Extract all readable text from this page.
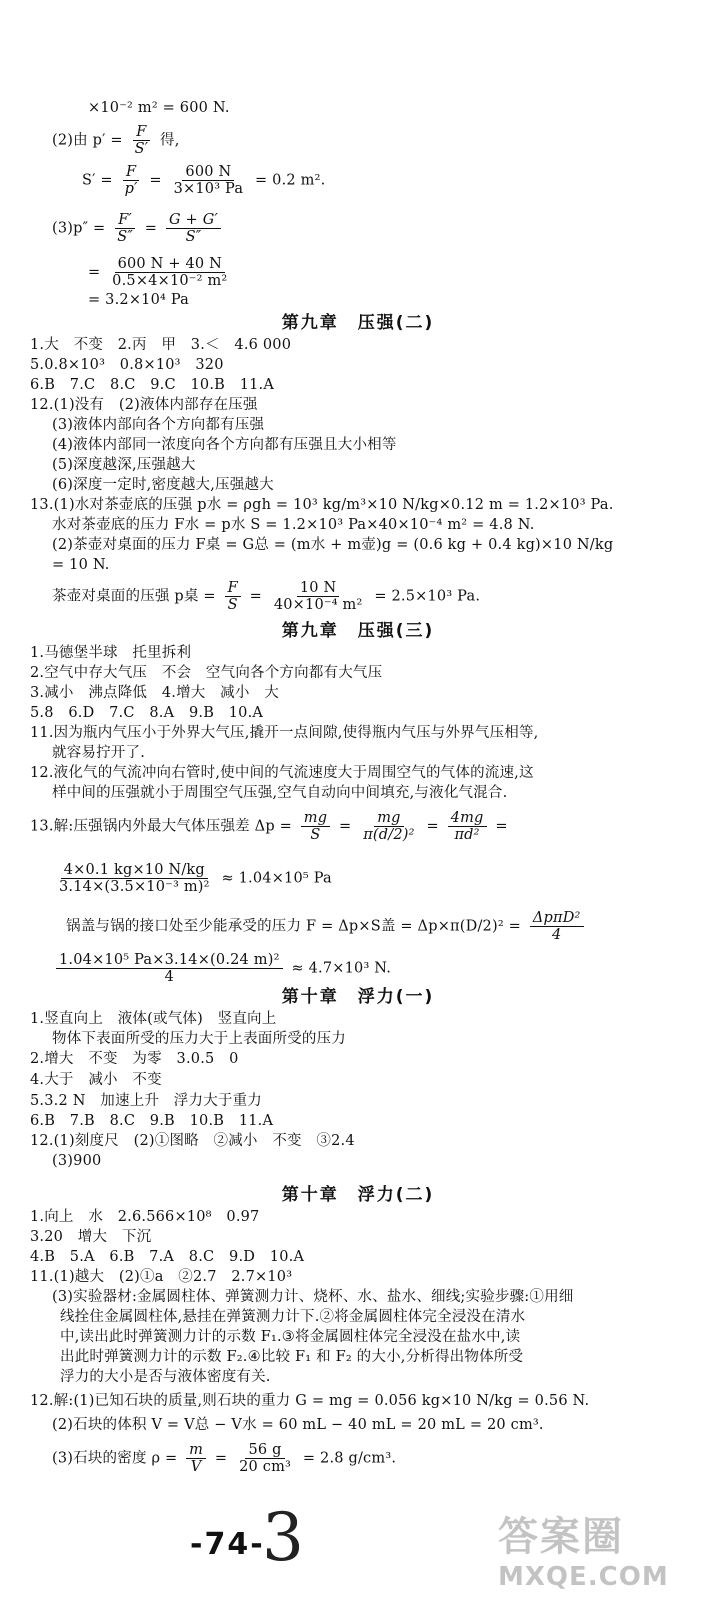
×10⁻² m² = 600 N.
(2)由 $p' = \frac{F}{S'}$ 得,
$S' = \frac{F}{p'} = \frac{600 N}{\text{3×10³ Pa}} = 0.2$ m².
$(3)p'' = \frac{F'}{S''} = \frac{G + G'}{S''}$
= $\frac{600 N + 40 N}{\text{0.5×4×10⁻² m²}}$
= 3.2×10⁴ Pa
第九章　压强(二)
1.大　不变　2.丙　甲　3.＜　4.6 000
5.0.8×10³　0.8×10³　320
6.B　7.C　8.C　9.C　10.B　11.A
12.(1)没有　(2)液体内部存在压强
(3)液体内部向各个方向都有压强
(4)液体内部同一浓度向各个方向都有压强且大小相等
(5)深度越深,压强越大
(6)深度一定时,密度越大,压强越大
13.(1)水对茶壶底的压强 p水 = ρgh = 10³ kg/m³×10 N/kg×0.12 m = 1.2×10³ Pa.
水对茶壶底的压力 F水 = p水 S = 1.2×10³ Pa×40×10⁻⁴ m² = 4.8 N.
(2)茶壶对桌面的压力 F桌 = G总 = (m水 + m壶)g = (0.6 kg + 0.4 kg)×10 N/kg
= 10 N.
茶壶对桌面的压强 p桌 = $\frac{F}{S} = \frac{10 N}{\text{40×10⁻⁴ m²}} = 2.5\times 10^3$ Pa.
第九章　压强(三)
1.马德堡半球　托里拆利
2.空气中存大气压　不会　空气向各个方向都有大气压
3.减小　沸点降低　4.增大　减小　大
5.8　6.D　7.C　8.A　9.B　10.A
11.因为瓶内气压小于外界大气压,撬开一点间隙,使得瓶内气压与外界气压相等,
就容易拧开了.
12.液化气的气流冲向右管时,使中间的气流速度大于周围空气的气体的流速,这
样中间的压强就小于周围空气压强,空气自动向中间填充,与液化气混合.
13.解:压强锅内外最大气体压强差 $\Delta p = \frac{mg}{S} = \frac{mg}{\text{π(d/2)²}} = \frac{4mg}{\text{πd²}}$ =
$\frac{4\times 0.1 kg\times 10 N/kg}{\text{3.14×(3.5×10⁻³ m)²}} \approx 1.04\times 10^5$ Pa
锅盖与锅的接口处至少能承受的压力 F = Δp×S盖 = $\Delta p\times\pi(D/2)^2 = \frac{\text{ΔpπD²}}{4}$
$\frac{\text{1.04×10⁵ Pa×3.14×(0.24 m)²}}{4} \approx 4.7\times 10^3$ N.
第十章　浮力(一)
1.竖直向上　液体(或气体)　竖直向上
物体下表面所受的压力大于上表面所受的压力
2.增大　不变　为零　3.0.5　0
4.大于　减小　不变
5.3.2 N　加速上升　浮力大于重力
6.B　7.B　8.C　9.B　10.B　11.A
12.(1)刻度尺　(2)①图略　②减小　不变　③2.4
(3)900
第十章　浮力(二)
1.向上　水　2.6.566×10⁸　0.97
3.20　增大　下沉
4.B　5.A　6.B　7.A　8.C　9.D　10.A
11.(1)越大　(2)①a　②2.7　2.7×10³
(3)实验器材:金属圆柱体、弹簧测力计、烧杯、水、盐水、细线;实验步骤:①用细
线拴住金属圆柱体,悬挂在弹簧测力计下.②将金属圆柱体完全浸没在清水
中,读出此时弹簧测力计的示数 F₁.③将金属圆柱体完全浸没在盐水中,读
出此时弹簧测力计的示数 F₂.④比较 F₁ 和 F₂ 的大小,分析得出物体所受
浮力的大小是否与液体密度有关.
12.解:(1)已知石块的质量,则石块的重力 G = mg = 0.056 kg×10 N/kg = 0.56 N.
(2)石块的体积 V = V总 − V水 = 60 mL − 40 mL = 20 mL = 20 cm³.
(3)石块的密度 $\rho = \frac{m}{V} = \frac{56 g}{\text{20 cm³}} = 2.8$ g/cm³.
-74-
3	答案圈
MXQE.COM
